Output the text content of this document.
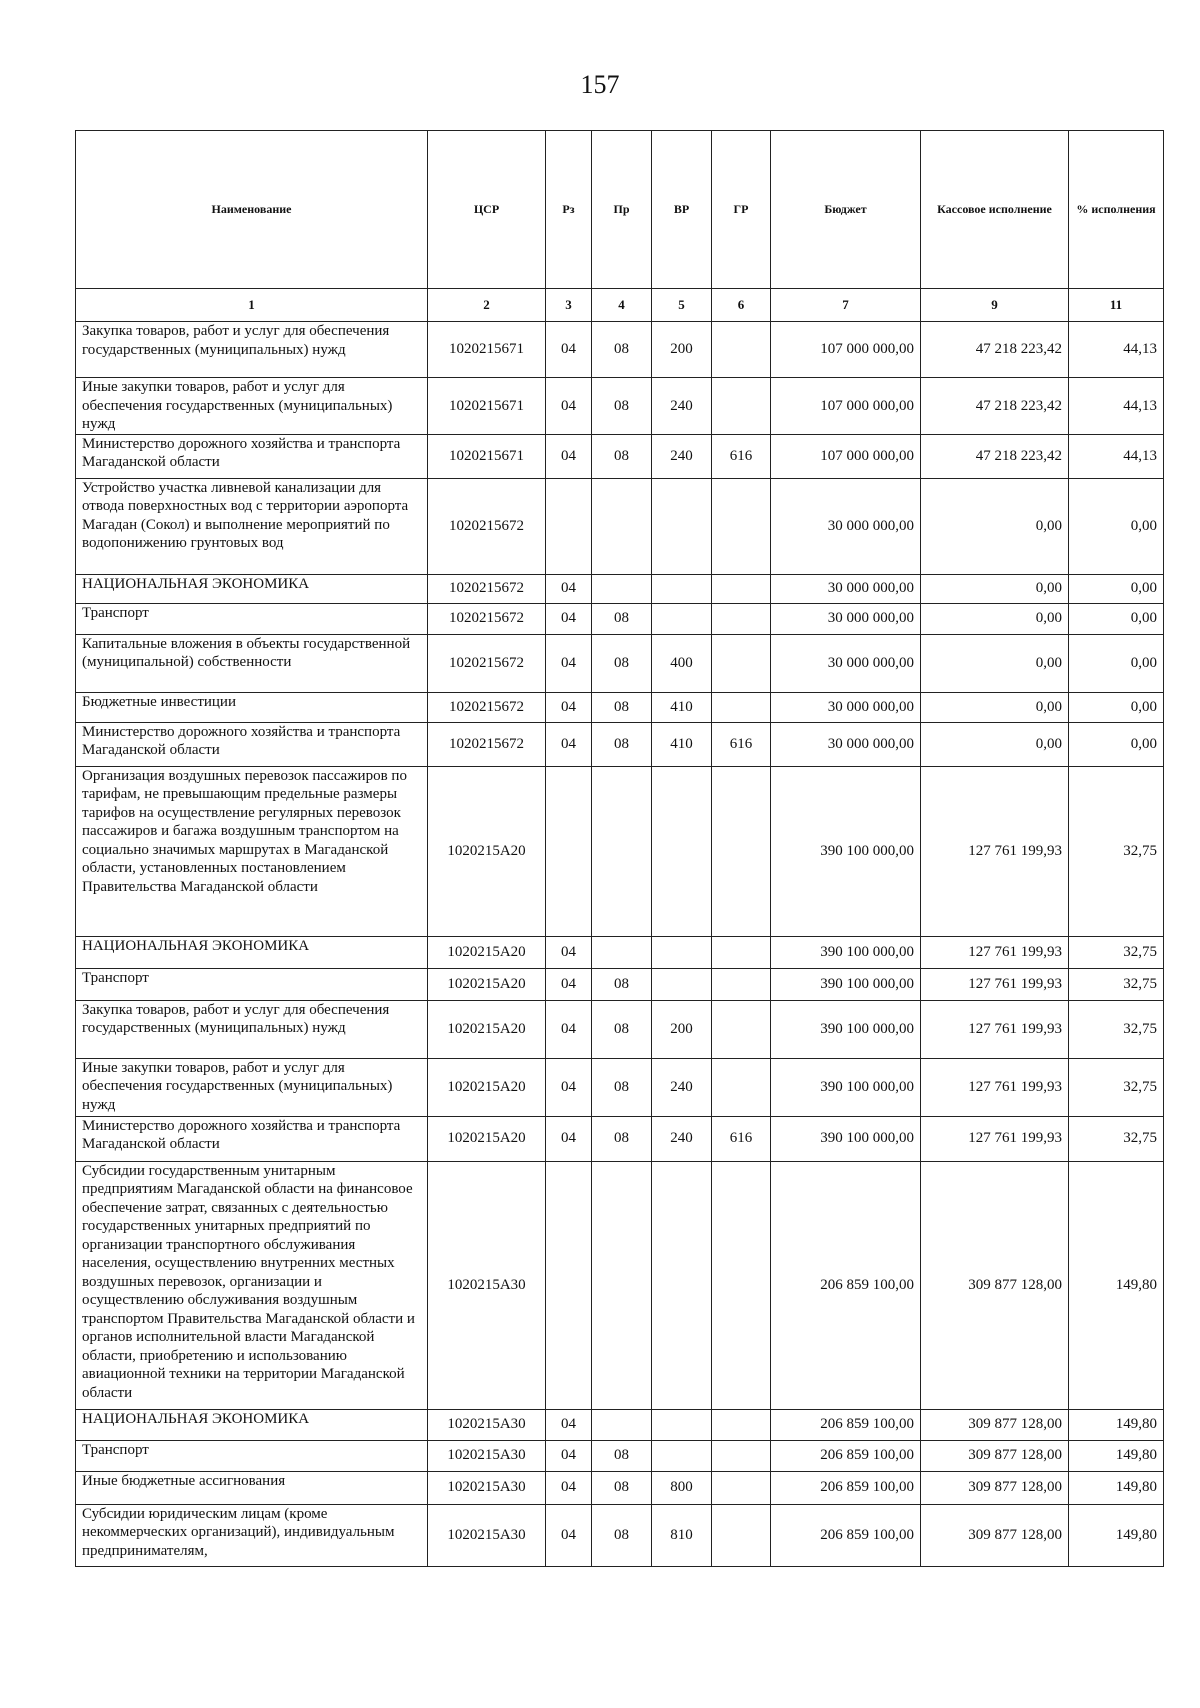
157
Наименование	ЦСР	Рз	Пр	ВР	ГР	Бюджет	Кассовое исполнение	% исполнения
1	2	3	4	5	6	7	9	11
Закупка товаров, работ и услуг для обеспечения государственных (муниципальных) нужд	1020215671	04	08	200		107 000 000,00	47 218 223,42	44,13
Иные закупки товаров, работ и услуг для обеспечения государственных (муниципальных) нужд	1020215671	04	08	240		107 000 000,00	47 218 223,42	44,13
Министерство дорожного хозяйства и транспорта Магаданской области	1020215671	04	08	240	616	107 000 000,00	47 218 223,42	44,13
Устройство участка ливневой канализации для отвода поверхностных вод с территории аэропорта Магадан (Сокол) и выполнение мероприятий по водопонижению грунтовых вод	1020215672					30 000 000,00	0,00	0,00
НАЦИОНАЛЬНАЯ ЭКОНОМИКА	1020215672	04				30 000 000,00	0,00	0,00
Транспорт	1020215672	04	08			30 000 000,00	0,00	0,00
Капитальные вложения в объекты государственной (муниципальной) собственности	1020215672	04	08	400		30 000 000,00	0,00	0,00
Бюджетные инвестиции	1020215672	04	08	410		30 000 000,00	0,00	0,00
Министерство дорожного хозяйства и транспорта Магаданской области	1020215672	04	08	410	616	30 000 000,00	0,00	0,00
Организация воздушных перевозок пассажиров по тарифам, не превышающим предельные размеры тарифов на осуществление регулярных перевозок пассажиров и багажа воздушным транспортом на социально значимых маршрутах в Магаданской области, установленных постановлением Правительства Магаданской области	1020215А20					390 100 000,00	127 761 199,93	32,75
НАЦИОНАЛЬНАЯ ЭКОНОМИКА	1020215А20	04				390 100 000,00	127 761 199,93	32,75
Транспорт	1020215А20	04	08			390 100 000,00	127 761 199,93	32,75
Закупка товаров, работ и услуг для обеспечения государственных (муниципальных) нужд	1020215А20	04	08	200		390 100 000,00	127 761 199,93	32,75
Иные закупки товаров, работ и услуг для обеспечения государственных (муниципальных) нужд	1020215А20	04	08	240		390 100 000,00	127 761 199,93	32,75
Министерство дорожного хозяйства и транспорта Магаданской области	1020215А20	04	08	240	616	390 100 000,00	127 761 199,93	32,75
Субсидии государственным унитарным предприятиям Магаданской области на финансовое обеспечение затрат, связанных с деятельностью государственных унитарных предприятий по организации транспортного обслуживания населения, осуществлению внутренних местных воздушных перевозок, организации и осуществлению обслуживания воздушным транспортом Правительства Магаданской области и органов исполнительной власти Магаданской области, приобретению и использованию авиационной техники на территории Магаданской области	1020215А30					206 859 100,00	309 877 128,00	149,80
НАЦИОНАЛЬНАЯ ЭКОНОМИКА	1020215А30	04				206 859 100,00	309 877 128,00	149,80
Транспорт	1020215А30	04	08			206 859 100,00	309 877 128,00	149,80
Иные бюджетные ассигнования	1020215А30	04	08	800		206 859 100,00	309 877 128,00	149,80
Субсидии юридическим лицам (кроме некоммерческих организаций), индивидуальным предпринимателям,	1020215А30	04	08	810		206 859 100,00	309 877 128,00	149,80
